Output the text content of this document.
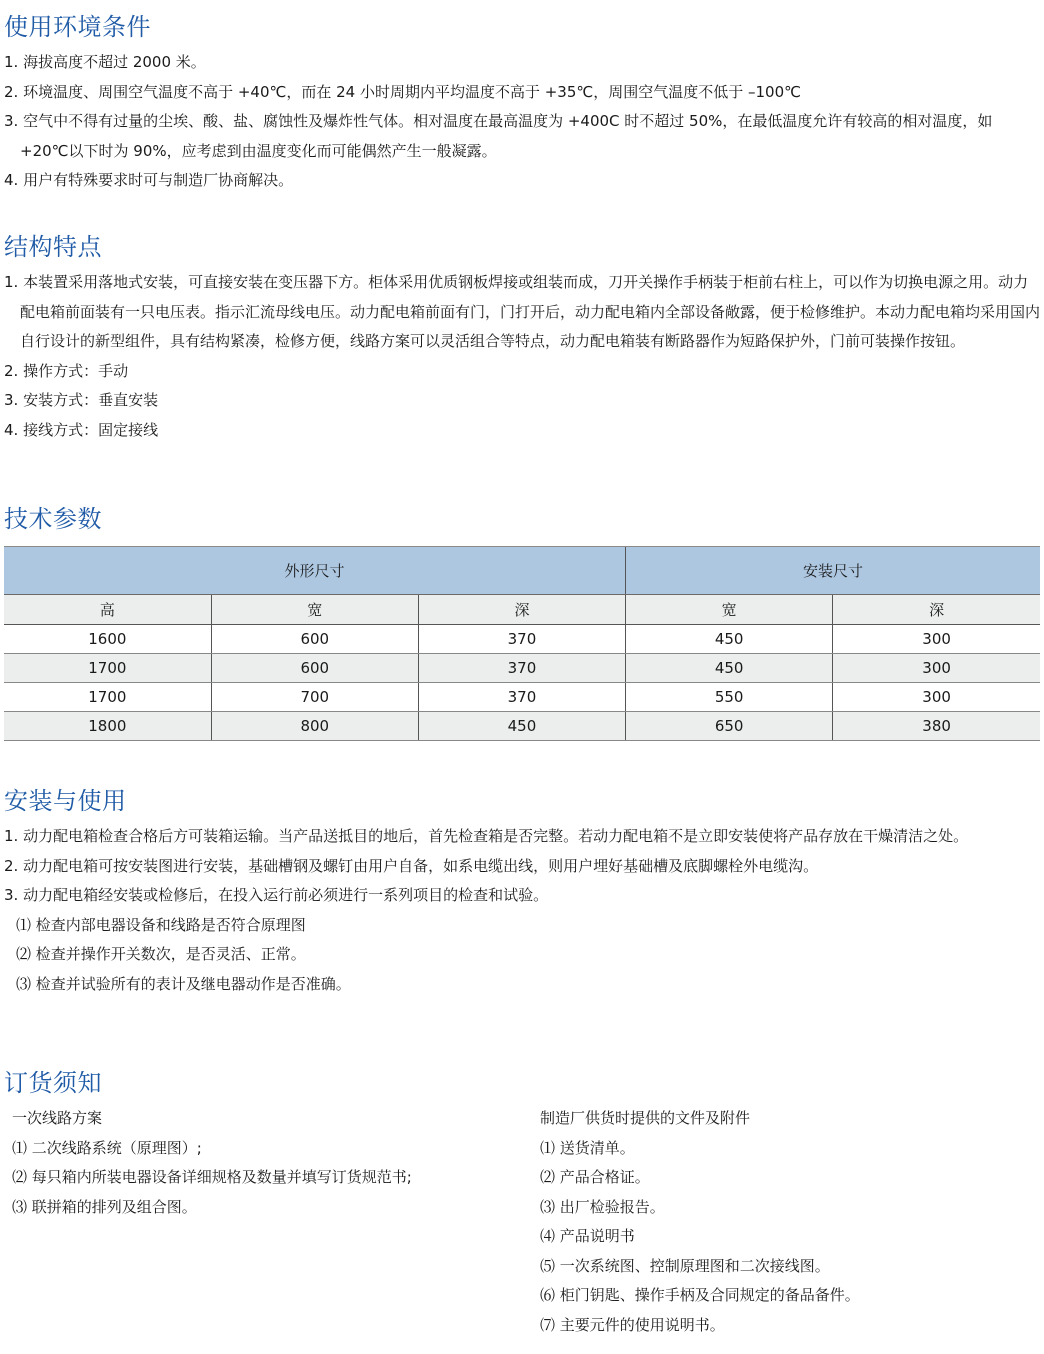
使用环境条件
1. 海拔高度不超过 2000 米。
2. 环境温度、周围空气温度不高于 +40℃，而在 24 小时周期内平均温度不高于 +35℃，周围空气温度不低于 –100℃
3. 空气中不得有过量的尘埃、酸、盐、腐蚀性及爆炸性气体。相对温度在最高温度为 +400C 时不超过 50%，在最低温度允许有较高的相对温度，如 +20℃以下时为 90%，应考虑到由温度变化而可能偶然产生一般凝露。
4. 用户有特殊要求时可与制造厂协商解决。
结构特点
1. 本装置采用落地式安装，可直接安装在变压器下方。柜体采用优质钢板焊接或组装而成，刀开关操作手柄装于柜前右柱上，可以作为切换电源之用。动力配电箱前面装有一只电压表。指示汇流母线电压。动力配电箱前面有门，门打开后，动力配电箱内全部设备敞露，便于检修维护。本动力配电箱均采用国内自行设计的新型组件，具有结构紧凑，检修方便，线路方案可以灵活组合等特点，动力配电箱装有断路器作为短路保护外，门前可装操作按钮。
2. 操作方式：手动
3. 安装方式：垂直安装
4. 接线方式：固定接线
技术参数
外形尺寸			安装尺寸	
高	宽	深	宽	深
1600	600	370	450	300
1700	600	370	450	300
1700	700	370	550	300
1800	800	450	650	380
安装与使用
1. 动力配电箱检查合格后方可装箱运输。当产品送抵目的地后，首先检查箱是否完整。若动力配电箱不是立即安装使将产品存放在干燥清洁之处。
2. 动力配电箱可按安装图进行安装，基础槽钢及螺钉由用户自备，如系电缆出线，则用户埋好基础槽及底脚螺栓外电缆沟。
3. 动力配电箱经安装或检修后，在投入运行前必须进行一系列项目的检查和试验。
⑴ 检查内部电器设备和线路是否符合原理图
⑵ 检查并操作开关数次，是否灵活、正常。
⑶ 检查并试验所有的表计及继电器动作是否准确。
订货须知
一次线路方案
⑴ 二次线路系统（原理图）;
⑵ 每只箱内所装电器设备详细规格及数量并填写订货规范书;
⑶ 联拼箱的排列及组合图。
制造厂供货时提供的文件及附件
⑴ 送货清单。
⑵ 产品合格证。
⑶ 出厂检验报告。
⑷ 产品说明书
⑸ 一次系统图、控制原理图和二次接线图。
⑹ 柜门钥匙、操作手柄及合同规定的备品备件。
⑺ 主要元件的使用说明书。
